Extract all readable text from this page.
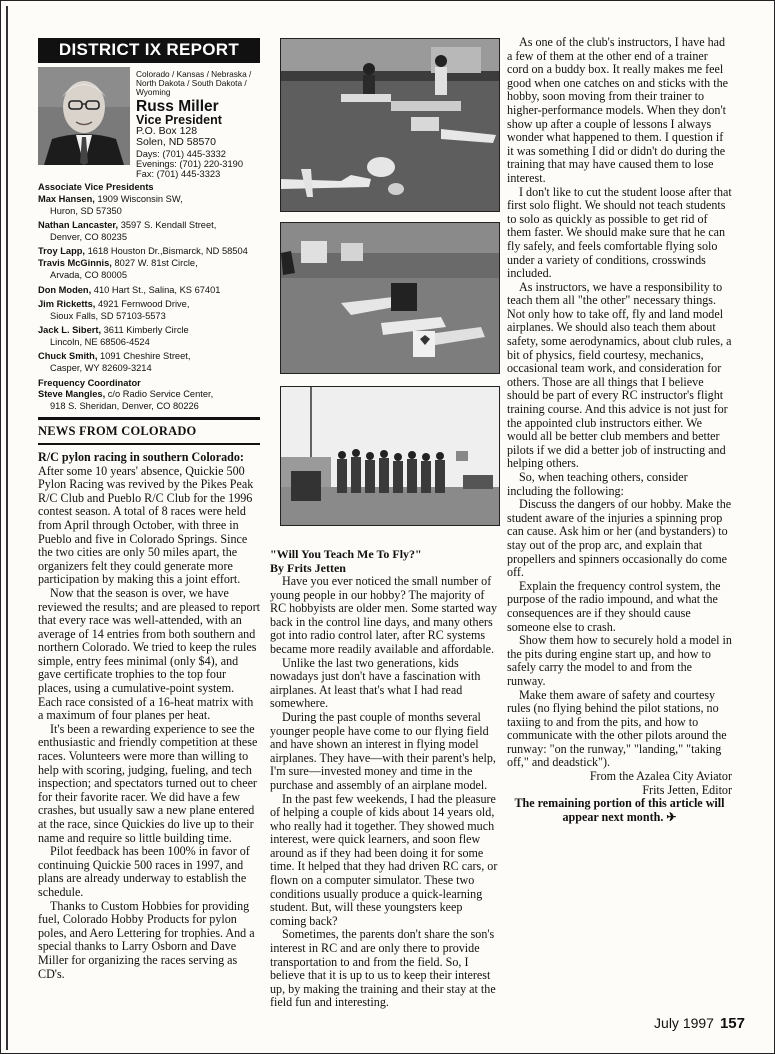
DISTRICT IX REPORT
Colorado / Kansas / Nebraska / North Dakota / South Dakota / Wyoming
Russ Miller
Vice President
P.O. Box 128
Solen, ND 58570
Days: (701) 445-3332
Evenings: (701) 220-3190
Fax: (701) 445-3323
Associate Vice Presidents
Max Hansen, 1909 Wisconsin SW,
Huron, SD 57350
Nathan Lancaster, 3597 S. Kendall Street,
Denver, CO 80235
Troy Lapp, 1618 Houston Dr.,Bismarck, ND 58504
Travis McGinnis, 8027 W. 81st Circle,
Arvada, CO 80005
Don Moden, 410 Hart St., Salina, KS 67401
Jim Ricketts, 4921 Fernwood Drive,
Sioux Falls, SD 57103-5573
Jack L. Sibert, 3611 Kimberly Circle
Lincoln, NE 68506-4524
Chuck Smith, 1091 Cheshire Street,
Casper, WY 82609-3214
Frequency Coordinator
Steve Mangles, c/o Radio Service Center,
918 S. Sheridan, Denver, CO 80226
NEWS FROM COLORADO

R/C pylon racing in southern Colorado: After some 10 years' absence, Quickie 500 Pylon Racing was revived by the Pikes Peak R/C Club and Pueblo R/C Club for the 1996 contest season. A total of 8 races were held from April through October, with three in Pueblo and five in Colorado Springs. Since the two cities are only 50 miles apart, the organizers felt they could generate more participation by making this a joint effort.

Now that the season is over, we have reviewed the results; and are pleased to report that every race was well-attended, with an average of 14 entries from both southern and northern Colorado. We tried to keep the rules simple, entry fees minimal (only $4), and gave certificate trophies to the top four places, using a cumulative-point system. Each race consisted of a 16-heat matrix with a maximum of four planes per heat.

It's been a rewarding experience to see the enthusiastic and friendly competition at these races. Volunteers were more than willing to help with scoring, judging, fueling, and tech inspection; and spectators turned out to cheer for their favorite racer. We did have a few crashes, but usually saw a new plane entered at the race, since Quickies do live up to their name and require so little building time.

Pilot feedback has been 100% in favor of continuing Quickie 500 races in 1997, and plans are already underway to establish the schedule.

Thanks to Custom Hobbies for providing fuel, Colorado Hobby Products for pylon poles, and Aero Lettering for trophies. And a special thanks to Larry Osborn and Dave Miller for organizing the races serving as CD's.

"Will You Teach Me To Fly?"
By Frits Jetten

Have you ever noticed the small number of young people in our hobby? The majority of RC hobbyists are older men. Some started way back in the control line days, and many others got into radio control later, after RC systems became more readily available and affordable.

Unlike the last two generations, kids nowadays just don't have a fascination with airplanes. At least that's what I had read somewhere.

During the past couple of months several younger people have come to our flying field and have shown an interest in flying model airplanes. They have—with their parent's help, I'm sure—invested money and time in the purchase and assembly of an airplane model.

In the past few weekends, I had the pleasure of helping a couple of kids about 14 years old, who really had it together. They showed much interest, were quick learners, and soon flew around as if they had been doing it for some time. It helped that they had driven RC cars, or flown on a computer simulator. These two conditions usually produce a quick-learning student. But, will these youngsters keep coming back?

Sometimes, the parents don't share the son's interest in RC and are only there to provide transportation to and from the field. So, I believe that it is up to us to keep their interest up, by making the training and their stay at the field fun and interesting.

As one of the club's instructors, I have had a few of them at the other end of a trainer cord on a buddy box. It really makes me feel good when one catches on and sticks with the hobby, soon moving from their trainer to higher-performance models. When they don't show up after a couple of lessons I always wonder what happened to them. I question if it was something I did or didn't do during the training that may have caused them to lose interest.

I don't like to cut the student loose after that first solo flight. We should not teach students to solo as quickly as possible to get rid of them faster. We should make sure that he can fly safely, and feels comfortable flying solo under a variety of conditions, crosswinds included.

As instructors, we have a responsibility to teach them all "the other" necessary things. Not only how to take off, fly and land model airplanes. We should also teach them about safety, some aerodynamics, about club rules, a bit of physics, field courtesy, mechanics, occasional team work, and consideration for others. Those are all things that I believe should be part of every RC instructor's flight training course. And this advice is not just for the appointed club instructors either. We would all be better club members and better pilots if we did a better job of instructing and helping others.

So, when teaching others, consider including the following:

Discuss the dangers of our hobby. Make the student aware of the injuries a spinning prop can cause. Ask him or her (and bystanders) to stay out of the prop arc, and explain that propellers and spinners occasionally do come off.

Explain the frequency control system, the purpose of the radio impound, and what the consequences are if they should cause someone else to crash.

Show them how to securely hold a model in the pits during engine start up, and how to safely carry the model to and from the runway.

Make them aware of safety and courtesy rules (no flying behind the pilot stations, no taxiing to and from the pits, and how to communicate with the other pilots around the runway: "on the runway," "landing," "taking off," and deadstick").

From the Azalea City Aviator
Frits Jetten, Editor
The remaining portion of this article will appear next month. ✈
July 1997 157
